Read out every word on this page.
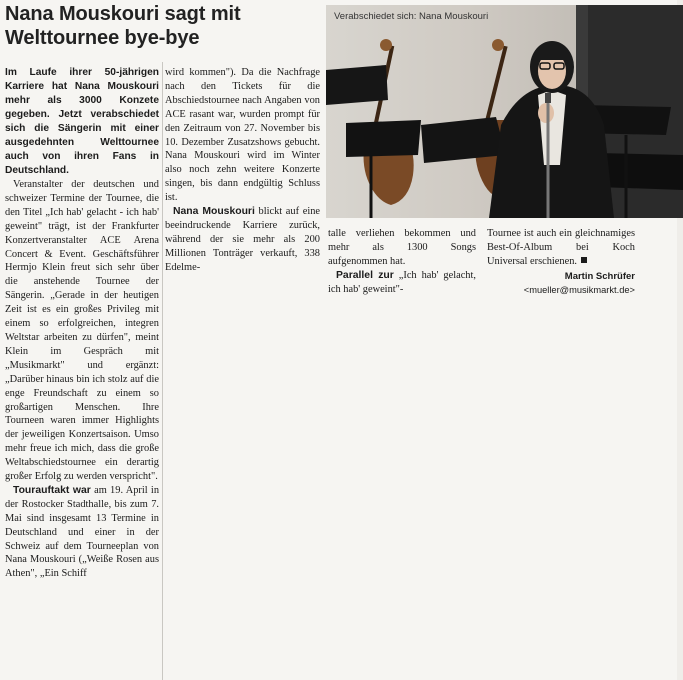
Nana Mouskouri sagt mit Welttournee bye-bye

Im Laufe ihrer 50-jährigen Karriere hat Nana Mouskouri mehr als 3000 Konzete gegeben. Jetzt verabschiedet sich die Sängerin mit einer ausgedehnten Welttournee auch von ihren Fans in Deutschland.

Veranstalter der deutschen und schweizer Termine der Tournee, die den Titel „Ich hab' gelacht - ich hab' geweint" trägt, ist der Frankfurter Konzertveranstalter ACE Arena Concert & Event. Geschäftsführer Hermjo Klein freut sich sehr über die anstehende Tournee der Sängerin. „Gerade in der heutigen Zeit ist es ein großes Privileg mit einem so erfolgreichen, integren Weltstar arbeiten zu dürfen", meint Klein im Gespräch mit „Musikmarkt" und ergänzt: „Darüber hinaus bin ich stolz auf die enge Freundschaft zu einem so großartigen Menschen. Ihre Tourneen waren immer Highlights der jeweiligen Konzertsaison. Umso mehr freue ich mich, dass die große Weltabschiedstournee ein derartig großer Erfolg zu werden verspricht".

Tourauftakt war am 19. April in der Rostocker Stadthalle, bis zum 7. Mai sind insgesamt 13 Termine in Deutschland und einer in der Schweiz auf dem Tourneeplan von Nana Mouskouri („Weiße Rosen aus Athen", „Ein Schiff

wird kommen"). Da die Nachfrage nach den Tickets für die Abschiedstournee nach Angaben von ACE rasant war, wurden prompt für den Zeitraum von 27. November bis 10. Dezember Zusatzshows gebucht. Nana Mouskouri wird im Winter also noch zehn weitere Konzerte singen, bis dann endgültig Schluss ist.

Nana Mouskouri blickt auf eine beeindruckende Karriere zurück, während der sie mehr als 200 Millionen Tonträger verkauft, 338 Edelme-

Verabschiedet sich: Nana Mouskouri

talle verliehen bekommen und mehr als 1300 Songs aufgenommen hat.

Parallel zur „Ich hab' gelacht, ich hab' geweint"-

Tournee ist auch ein gleichnamiges Best-Of-Album bei Koch Universal erschienen.

Martin Schrüfer

<mueller@musikmarkt.de>
